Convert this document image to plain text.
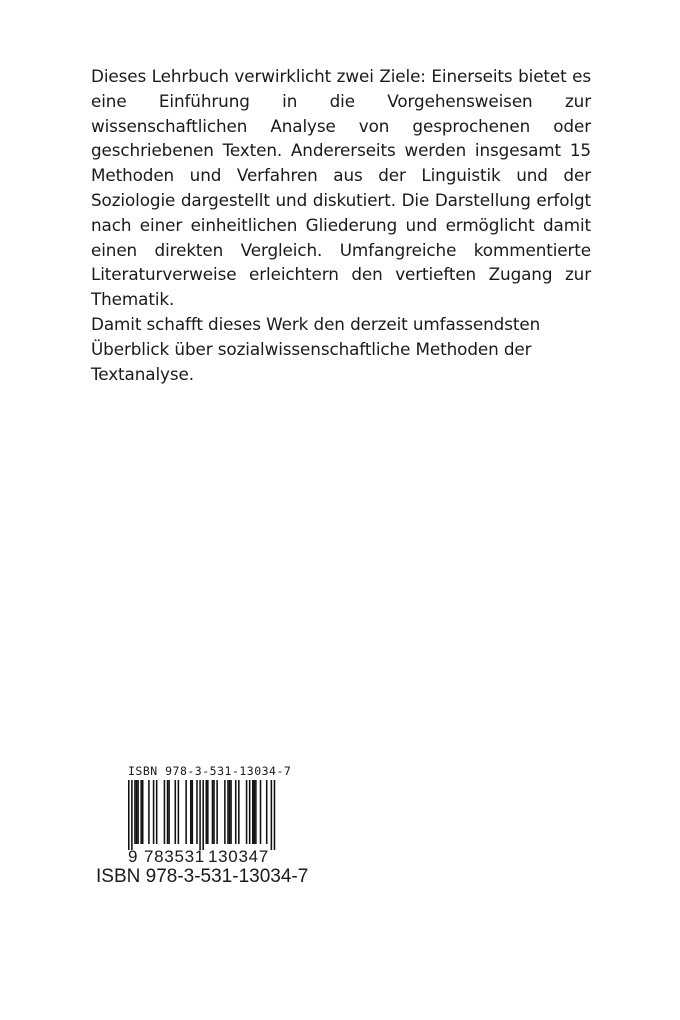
Dieses Lehrbuch verwirklicht zwei Ziele: Einerseits bietet es eine Einführung in die Vorgehensweisen zur wissenschaftlichen Analyse von gesprochenen oder geschriebenen Texten. Andererseits werden insgesamt 15 Methoden und Verfahren aus der Linguistik und der Soziologie dargestellt und diskutiert. Die Darstellung erfolgt nach einer einheitlichen Gliederung und ermöglicht damit einen direkten Vergleich. Umfangreiche kommentierte Literaturverweise erleichtern den vertieften Zugang zur Thematik.

Damit schafft dieses Werk den derzeit umfassendsten Überblick über sozialwissenschaftliche Methoden der Textanalyse.

ISBN 978-3-531-13034-7
9 783531 130347
ISBN 978-3-531-13034-7
